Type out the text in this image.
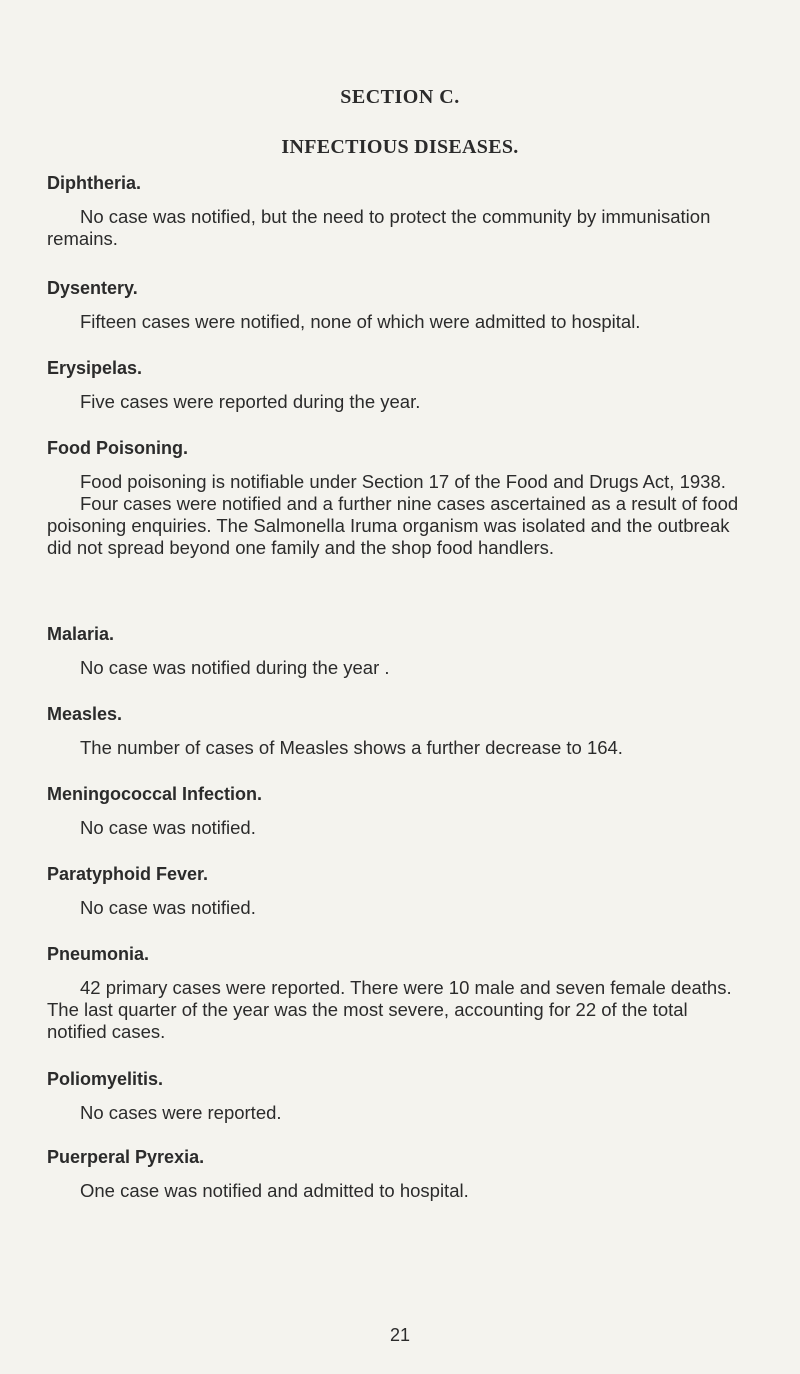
SECTION C.
INFECTIOUS DISEASES.
Diphtheria.

No case was notified, but the need to protect the community by immunisation remains.

Dysentery.

Fifteen cases were notified, none of which were admitted to hospital.

Erysipelas.

Five cases were reported during the year.

Food Poisoning.

Food poisoning is notifiable under Section 17 of the Food and Drugs Act, 1938.

Four cases were notified and a further nine cases ascertained as a result of food poisoning enquiries. The Salmonella Iruma organism was isolated and the outbreak did not spread beyond one family and the shop food handlers.

Malaria.

No case was notified during the year .

Measles.

The number of cases of Measles shows a further decrease to 164.

Meningococcal Infection.

No case was notified.

Paratyphoid Fever.

No case was notified.

Pneumonia.

42 primary cases were reported. There were 10 male and seven female deaths. The last quarter of the year was the most severe, accounting for 22 of the total notified cases.

Poliomyelitis.

No cases were reported.

Puerperal Pyrexia.

One case was notified and admitted to hospital.

21
